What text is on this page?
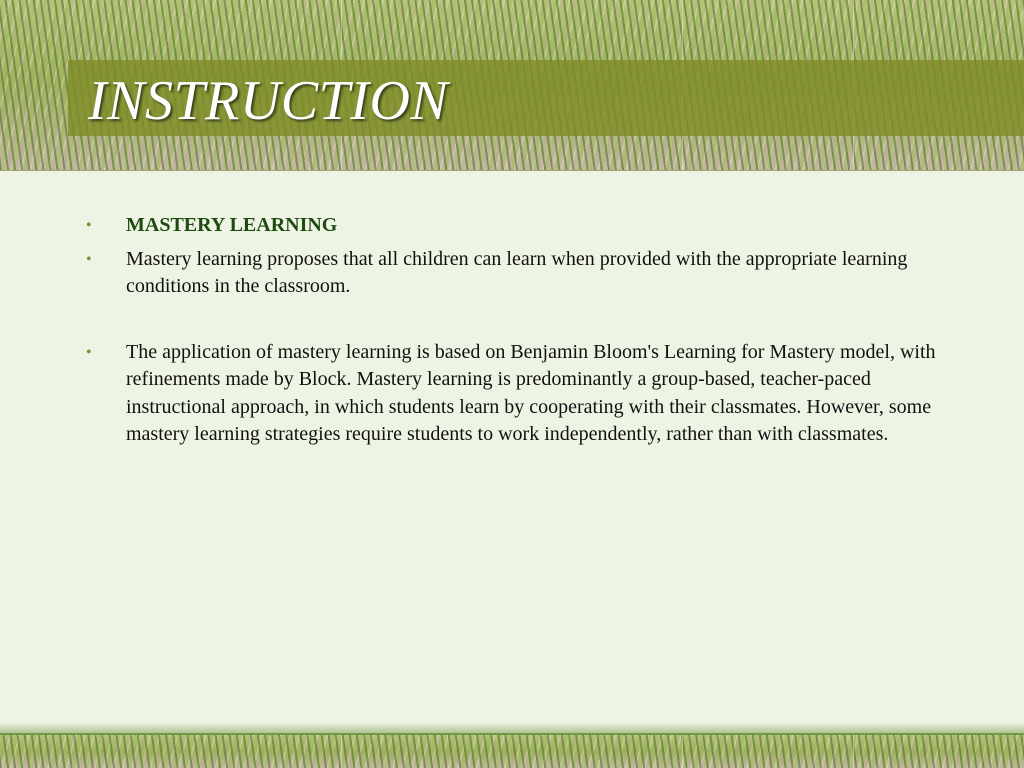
INSTRUCTION
• MASTERY LEARNING
• Mastery learning proposes that all children can learn when provided with the appropriate learning conditions in the classroom.
• The application of mastery learning is based on Benjamin Bloom's Learning for Mastery model, with refinements made by Block. Mastery learning is predominantly a group-based, teacher-paced instructional approach, in which students learn by cooperating with their classmates. However, some mastery learning strategies require students to work independently, rather than with classmates.
